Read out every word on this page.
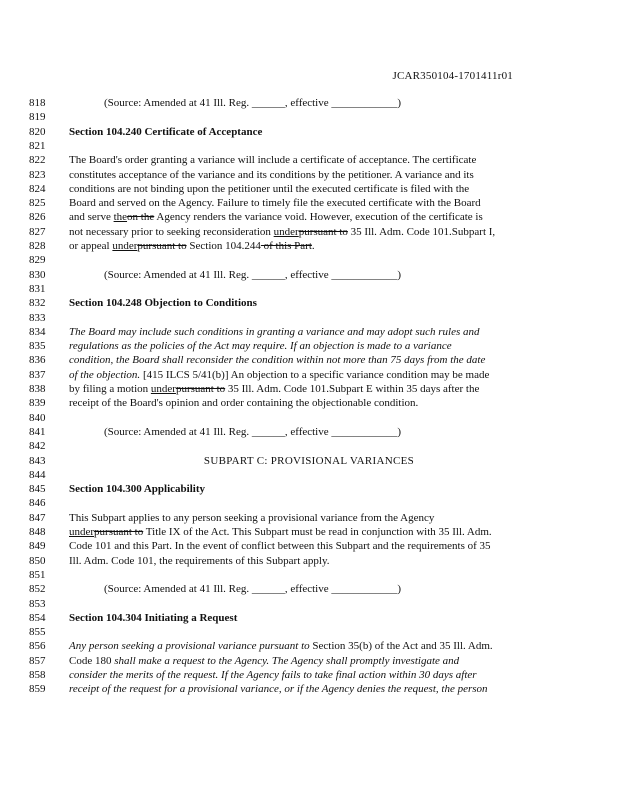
JCAR350104-1701411r01
818	(Source: Amended at 41 Ill. Reg. ______, effective ____________)
819
820	Section 104.240 Certificate of Acceptance
821
822	The Board's order granting a variance will include a certificate of acceptance. The certificate
823	constitutes acceptance of the variance and its conditions by the petitioner. A variance and its
824	conditions are not binding upon the petitioner until the executed certificate is filed with the
825	Board and served on the Agency. Failure to timely file the executed certificate with the Board
826	and serve theon the Agency renders the variance void. However, execution of the certificate is
827	not necessary prior to seeking reconsideration underpursuant to 35 Ill. Adm. Code 101.Subpart I,
828	or appeal underpursuant to Section 104.244 of this Part.
829
830	(Source: Amended at 41 Ill. Reg. ______, effective ____________)
831
832	Section 104.248 Objection to Conditions
833
834	The Board may include such conditions in granting a variance and may adopt such rules and
835	regulations as the policies of the Act may require. If an objection is made to a variance
836	condition, the Board shall reconsider the condition within not more than 75 days from the date
837	of the objection. [415 ILCS 5/41(b)] An objection to a specific variance condition may be made
838	by filing a motion underpursuant to 35 Ill. Adm. Code 101.Subpart E within 35 days after the
839	receipt of the Board's opinion and order containing the objectionable condition.
840
841	(Source: Amended at 41 Ill. Reg. ______, effective ____________)
842
843	SUBPART C: PROVISIONAL VARIANCES
844
845	Section 104.300 Applicability
846
847	This Subpart applies to any person seeking a provisional variance from the Agency
848	underpursuant to Title IX of the Act. This Subpart must be read in conjunction with 35 Ill. Adm.
849	Code 101 and this Part. In the event of conflict between this Subpart and the requirements of 35
850	Ill. Adm. Code 101, the requirements of this Subpart apply.
851
852	(Source: Amended at 41 Ill. Reg. ______, effective ____________)
853
854	Section 104.304 Initiating a Request
855
856	Any person seeking a provisional variance pursuant to Section 35(b) of the Act and 35 Ill. Adm.
857	Code 180 shall make a request to the Agency. The Agency shall promptly investigate and
858	consider the merits of the request. If the Agency fails to take final action within 30 days after
859	receipt of the request for a provisional variance, or if the Agency denies the request, the person
